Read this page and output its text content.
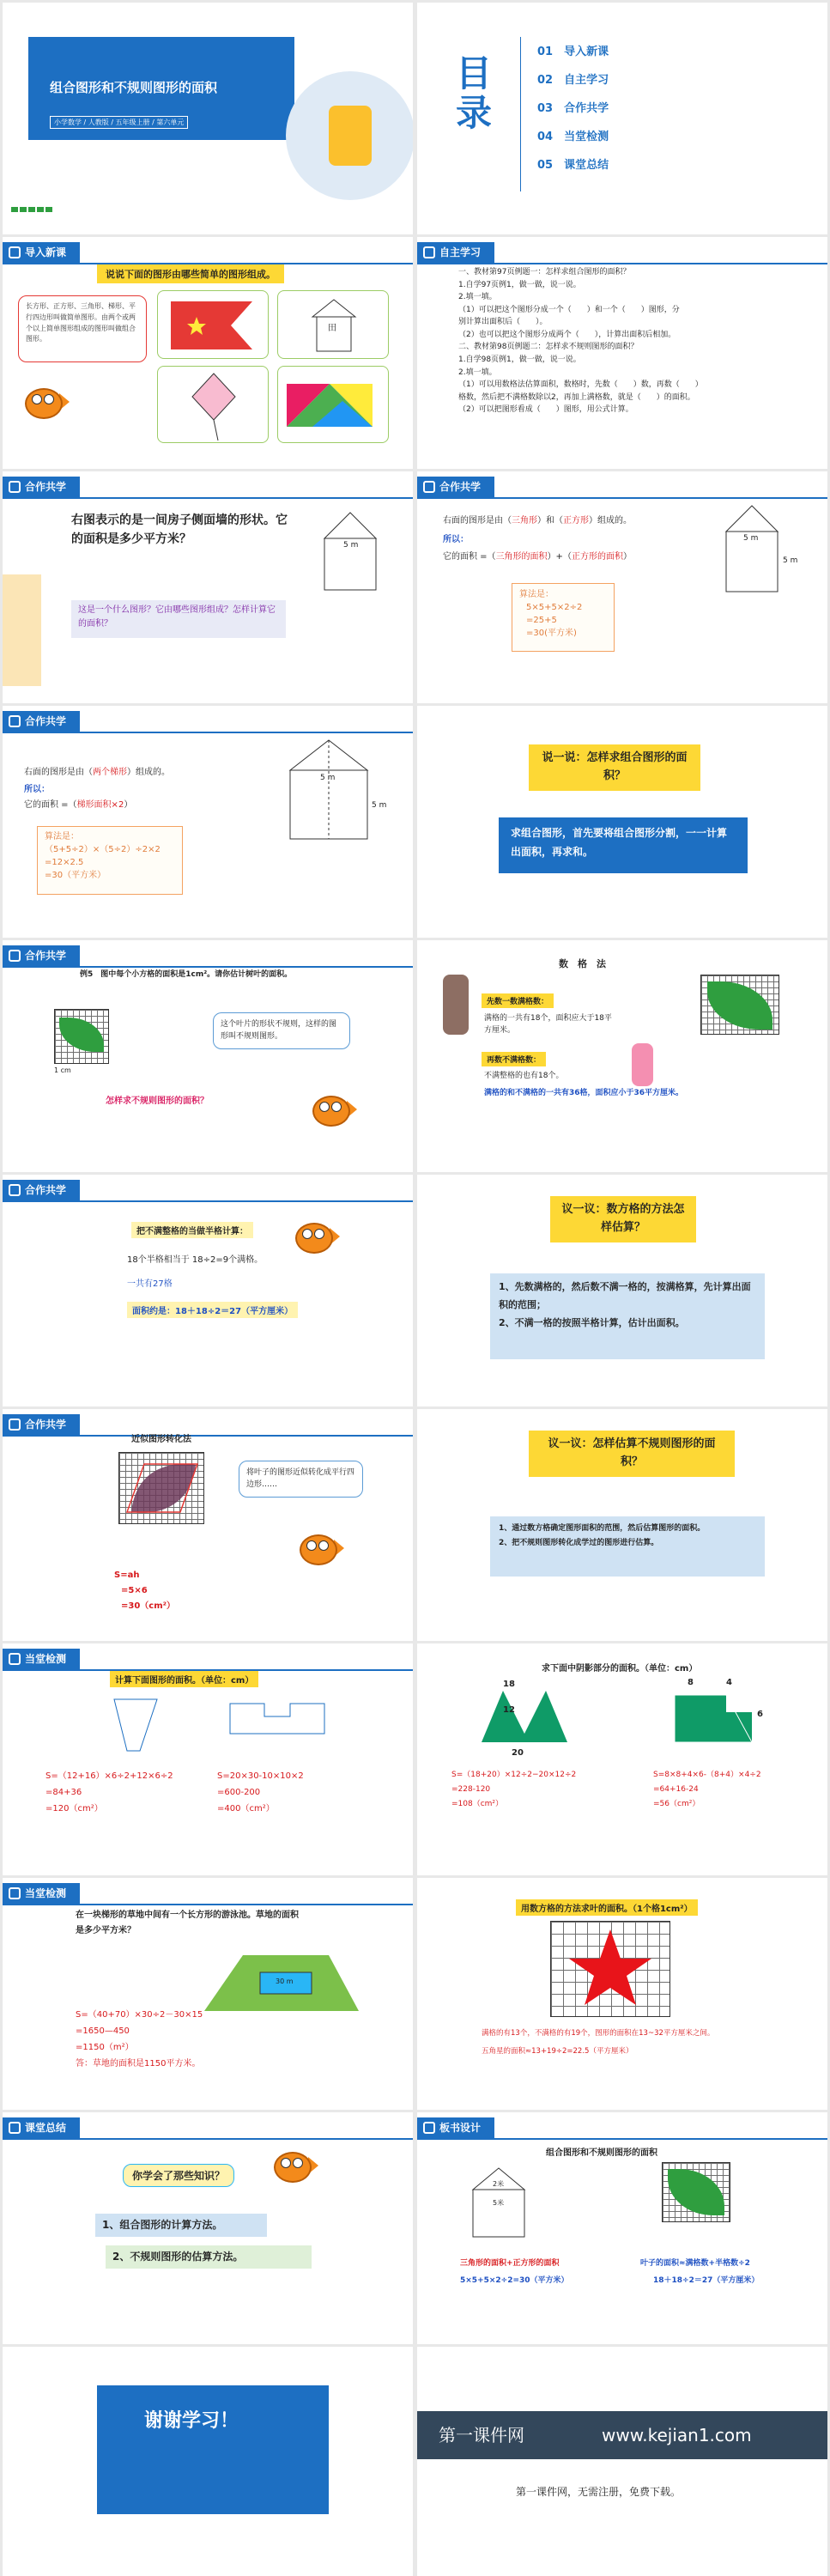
组合图形和不规则图形的面积
小学数学 / 人教版 / 五年级上册 / 第六单元
目录
01　 导入新课
02　 自主学习
03　 合作共学
04　 当堂检测
05　 课堂总结
导入新课
说说下面的图形由哪些简单的图形组成。
长方形、正方形、三角形、梯形、平行四边形叫做简单图形。由两个或两个以上简单图形组成的图形叫做组合图形。
田
自主学习
一、教材第97页例题一：怎样求组合图形的面积？
1.自学97页例1，做一做，说一说。
2.填一填。
（1）可以把这个图形分成一个（　　）和一个（　　）图形，分
别计算出面积后（　　）。
（2）也可以把这个图形分成两个（　　），计算出面积后相加。
二、教材第98页例题二：怎样求不规则图形的面积？
1.自学98页例1，做一做，说一说。
2.填一填。
（1）可以用数格法估算面积，数格时，先数（　　）数，再数（　　）
格数，然后把不满格数除以2，再加上满格数，就是（　　）的面积。
（2）可以把图形看成（　　）图形，用公式计算。
合作共学
右图表示的是一间房子侧面墙的形状。它的面积是多少平方米？	5 m
这是一个什么图形？它由哪些图形组成？怎样计算它的面积？
合作共学
右面的图形是由（三角形）和（正方形）组成的。
所以：
它的面积 =（三角形的面积）+（正方形的面积）
算法是：
5×5+5×2÷2
=25+5
=30(平方米)
5 m
5 m
合作共学
右面的图形是由（两个梯形）组成的。
所以：
它的面积 =（梯形面积×2）
算法是：
（5+5÷2）×（5÷2）÷2×2
=12×2.5
=30（平方米）
5 m
5 m
说一说：怎样求组合图形的面积？
求组合图形，首先要将组合图形分割，一一计算出面积，再求和。
合作共学
例5　图中每个小方格的面积是1cm²。请你估计树叶的面积。
1 cm
这个叶片的形状不规则，这样的图形叫不规则图形。
怎样求不规则图形的面积？
数　格　法
先数一数满格数：
满格的一共有18个，面积应大于18平方厘米。
再数不满格数：
不满整格的也有18个。
满格的和不满格的一共有36格，面积应小于36平方厘米。
合作共学
把不满整格的当做半格计算：
18个半格相当于 18÷2=9个满格。
一共有27格
面积约是：18＋18÷2＝27（平方厘米）
议一议：数方格的方法怎样估算？
1、先数满格的，然后数不满一格的，按满格算，先计算出面积的范围；
2、不满一格的按照半格计算，估计出面积。
合作共学
近似图形转化法
将叶子的图形近似转化成平行四边形……
S=ah
=5×6
=30（cm²）
议一议：怎样估算不规则图形的面积？
1、通过数方格确定图形面积的范围，然后估算图形的面积。
2、把不规则图形转化成学过的图形进行估算。
当堂检测
计算下面图形的面积。（单位：cm）
S=（12+16）×6÷2+12×6÷2
=84+36
=120（cm²）
S=20×30-10×10×2
=600-200
=400（cm²）
求下面中阴影部分的面积。（单位：cm）
18
12
20
8	4
6
S=（18+20）×12÷2−20×12÷2
=228-120
=108（cm²）
S=8×8+4×6-（8+4）×4÷2
=64+16-24
=56（cm²）
当堂检测
在一块梯形的草地中间有一个长方形的游泳池。草地的面积是多少平方米？
30 m
S=（40+70）×30÷2－30×15
=1650—450
=1150（m²）
答：草地的面积是1150平方米。
用数方格的方法求叶的面积。（1个格1cm²）
满格的有13个，不满格的有19个，图形的面积在13~32平方厘米之间。
五角星的面积≈13+19÷2=22.5（平方厘米）
课堂总结
你学会了那些知识？
1、组合图形的计算方法。
2、不规则图形的估算方法。
板书设计
组合图形和不规则图形的面积
2米
5米
三角形的面积+正方形的面积
5×5+5×2÷2=30（平方米）
叶子的面积≈满格数+半格数÷2
18＋18÷2＝27（平方厘米）
谢谢学习！
第一课件网	www.kejian1.com
第一课件网，无需注册，免费下载。
